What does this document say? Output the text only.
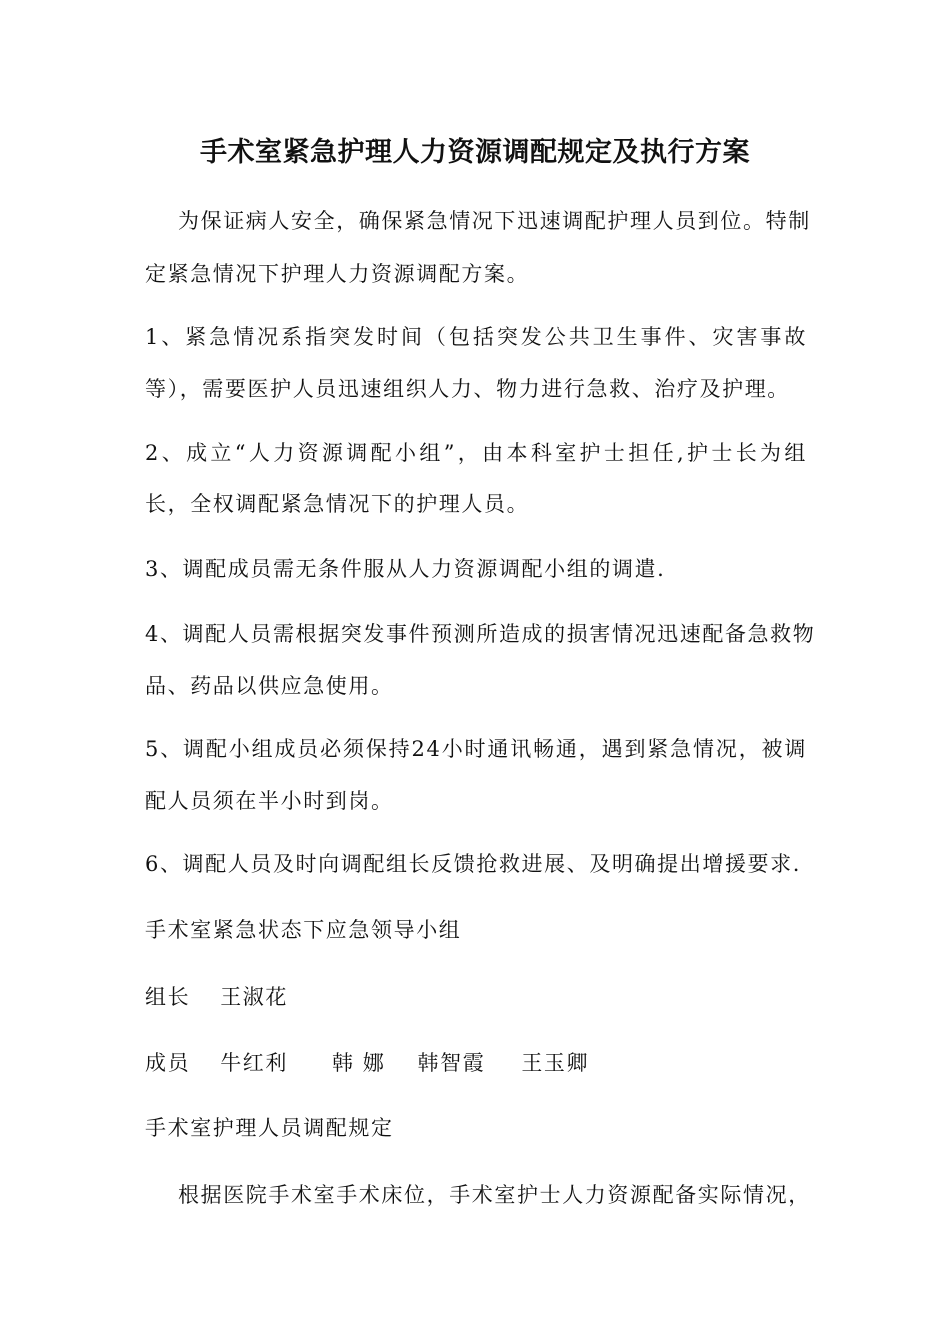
手术室紧急护理人力资源调配规定及执行方案
为保证病人安全，确保紧急情况下迅速调配护理人员到位。特制
定紧急情况下护理人力资源调配方案。
1、紧急情况系指突发时间（包括突发公共卫生事件、灾害事故
等），需要医护人员迅速组织人力、物力进行急救、治疗及护理。
2、成立“人力资源调配小组”，由本科室护士担任,护士长为组
长，全权调配紧急情况下的护理人员。
3、调配成员需无条件服从人力资源调配小组的调遣.
4、调配人员需根据突发事件预测所造成的损害情况迅速配备急救物
品、药品以供应急使用。
5、调配小组成员必须保持24小时通讯畅通，遇到紧急情况，被调
配人员须在半小时到岗。
6、调配人员及时向调配组长反馈抢救进展、及明确提出增援要求.
手术室紧急状态下应急领导小组
组长 王淑花
成员 牛红利 韩 娜 韩智霞 王玉卿
手术室护理人员调配规定
根据医院手术室手术床位，手术室护士人力资源配备实际情况，
